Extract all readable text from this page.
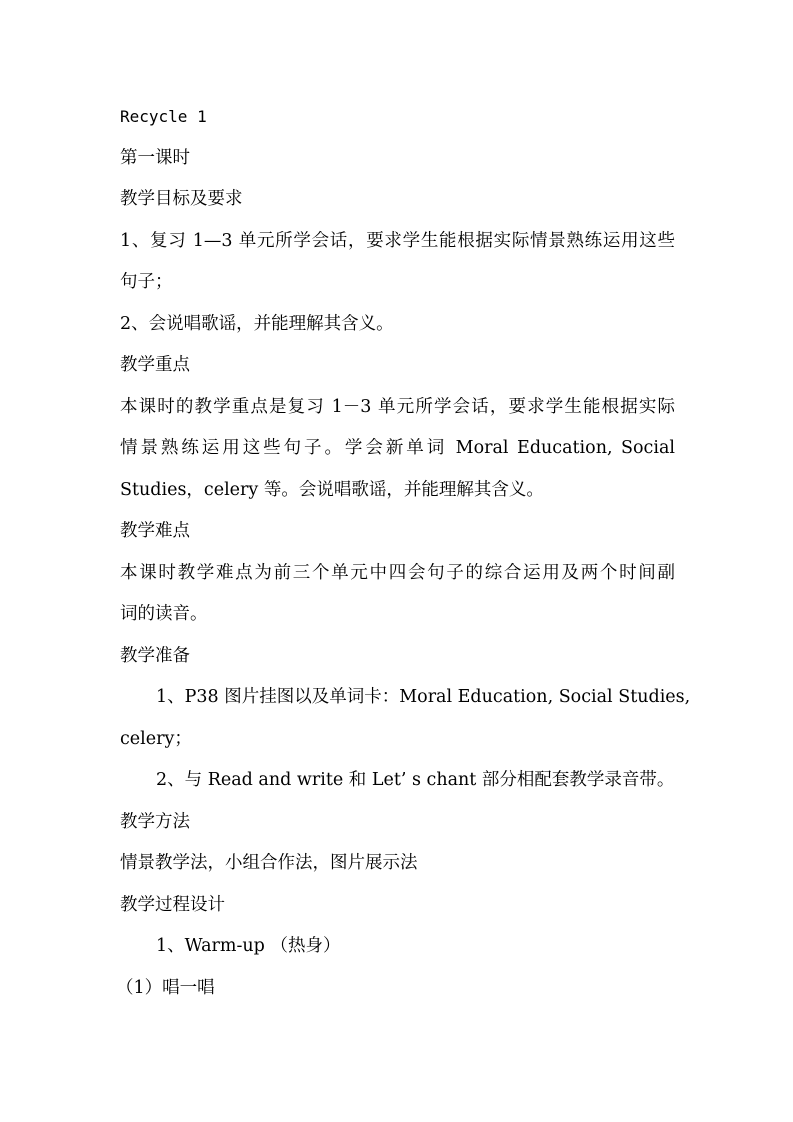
Recycle 1
第一课时
教学目标及要求
1、复习 1—3 单元所学会话，要求学生能根据实际情景熟练运用这些
句子；
2、会说唱歌谣，并能理解其含义。
教学重点
本课时的教学重点是复习 1－3 单元所学会话，要求学生能根据实际
情景熟练运用这些句子。学会新单词 Moral Education, Social
Studies，celery 等。会说唱歌谣，并能理解其含义。
教学难点
本课时教学难点为前三个单元中四会句子的综合运用及两个时间副
词的读音。
教学准备
1、P38 图片挂图以及单词卡：Moral Education, Social Studies,
celery；
2、与 Read and write 和 Let’ s chant 部分相配套教学录音带。
教学方法
情景教学法，小组合作法，图片展示法
教学过程设计
1、Warm-up （热身）
（1）唱一唱
